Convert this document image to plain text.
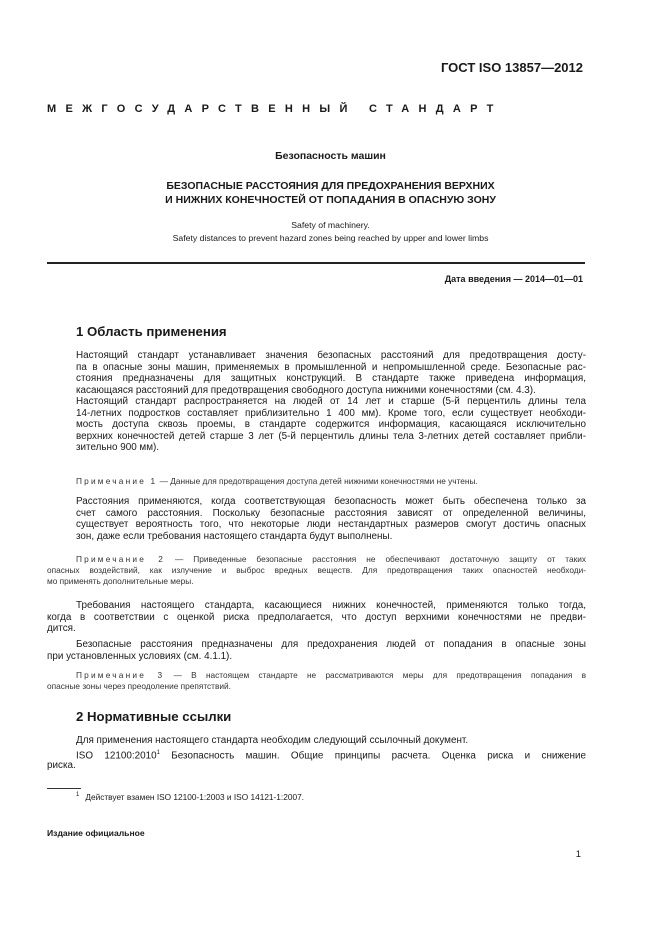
ГОСТ ISO 13857—2012
МЕЖГОСУДАРСТВЕННЫЙ СТАНДАРТ
Безопасность машин
БЕЗОПАСНЫЕ РАССТОЯНИЯ ДЛЯ ПРЕДОХРАНЕНИЯ ВЕРХНИХ
И НИЖНИХ КОНЕЧНОСТЕЙ ОТ ПОПАДАНИЯ В ОПАСНУЮ ЗОНУ
Safety of machinery.
Safety distances to prevent hazard zones being reached by upper and lower limbs
Дата введения — 2014—01—01
1 Область применения
Настоящий стандарт устанавливает значения безопасных расстояний для предотвращения досту-
па в опасные зоны машин, применяемых в промышленной и непромышленной среде. Безопасные рас-
стояния предназначены для защитных конструкций. В стандарте также приведена информация,
касающаяся расстояний для предотвращения свободного доступа нижними конечностями (см. 4.3).
Настоящий стандарт распространяется на людей от 14 лет и старше (5-й перцентиль длины тела
14-летних подростков составляет приблизительно 1 400 мм). Кроме того, если существует необходи-
мость доступа сквозь проемы, в стандарте содержится информация, касающаяся исключительно
верхних конечностей детей старше 3 лет (5-й перцентиль длины тела 3-летних детей составляет прибли-
зительно 900 мм).
Примечание 1 — Данные для предотвращения доступа детей нижними конечностями не учтены.
Расстояния применяются, когда соответствующая безопасность может быть обеспечена только за
счет самого расстояния. Поскольку безопасные расстояния зависят от определенной величины,
существует вероятность того, что некоторые люди нестандартных размеров смогут достичь опасных
зон, даже если требования настоящего стандарта будут выполнены.
Примечание 2 — Приведенные безопасные расстояния не обеспечивают достаточную защиту от таких
опасных воздействий, как излучение и выброс вредных веществ. Для предотвращения таких опасностей необходи-
мо применять дополнительные меры.
Требования настоящего стандарта, касающиеся нижних конечностей, применяются только тогда,
когда в соответствии с оценкой риска предполагается, что доступ верхними конечностями не предви-
дится.
Безопасные расстояния предназначены для предохранения людей от попадания в опасные зоны
при установленных условиях (см. 4.1.1).
Примечание 3 — В настоящем стандарте не рассматриваются меры для предотвращения попадания в
опасные зоны через преодоление препятствий.
2 Нормативные ссылки
Для применения настоящего стандарта необходим следующий ссылочный документ.
ISO 12100:2010$^1$ Безопасность машин. Общие принципы расчета. Оценка риска и снижение
риска.
$^1$ Действует взамен ISO 12100-1:2003 и ISO 14121-1:2007.
Издание официальное
1
